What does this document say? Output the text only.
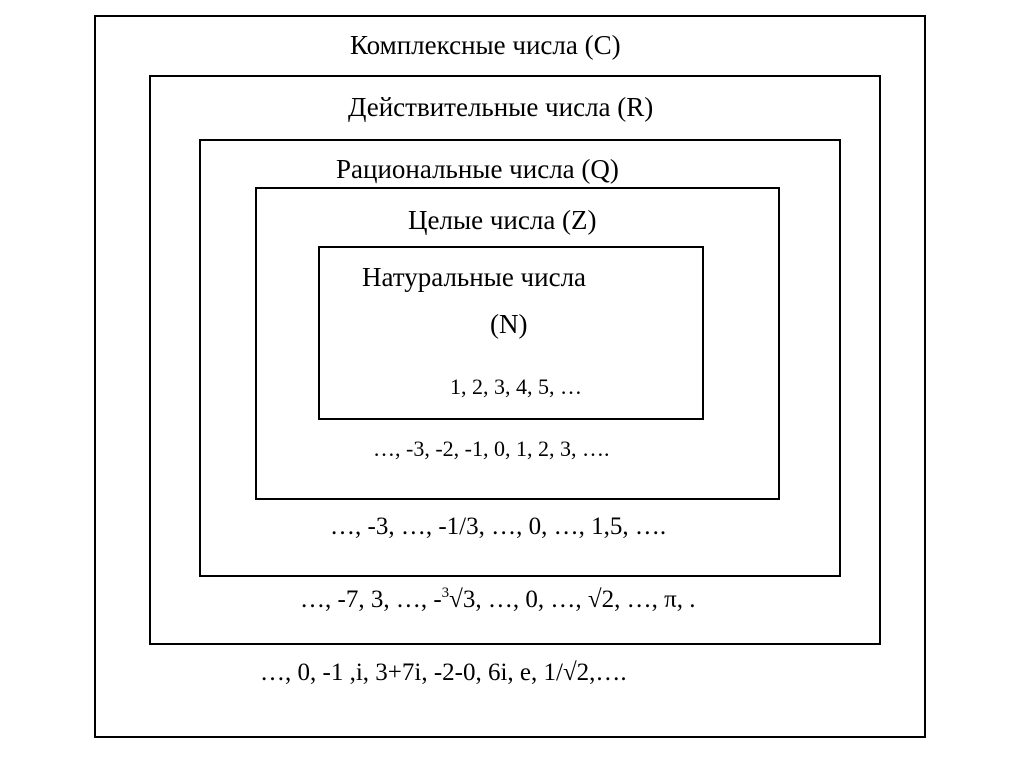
Комплексные числа (C)
Действительные числа (R)
Рациональные числа (Q)
Целые числа (Z)
Натуральные числа
(N)
1, 2, 3, 4, 5, …
…, -3, -2, -1, 0, 1, 2, 3, ….
…, -3, …, -1/3, …, 0, …, 1,5, ….
…, -7, 3, …, -$^3$√3, …, 0, …, √2, …, π, .
…, 0, -1 ,i, 3+7i, -2-0, 6i, e, 1/√2,….
